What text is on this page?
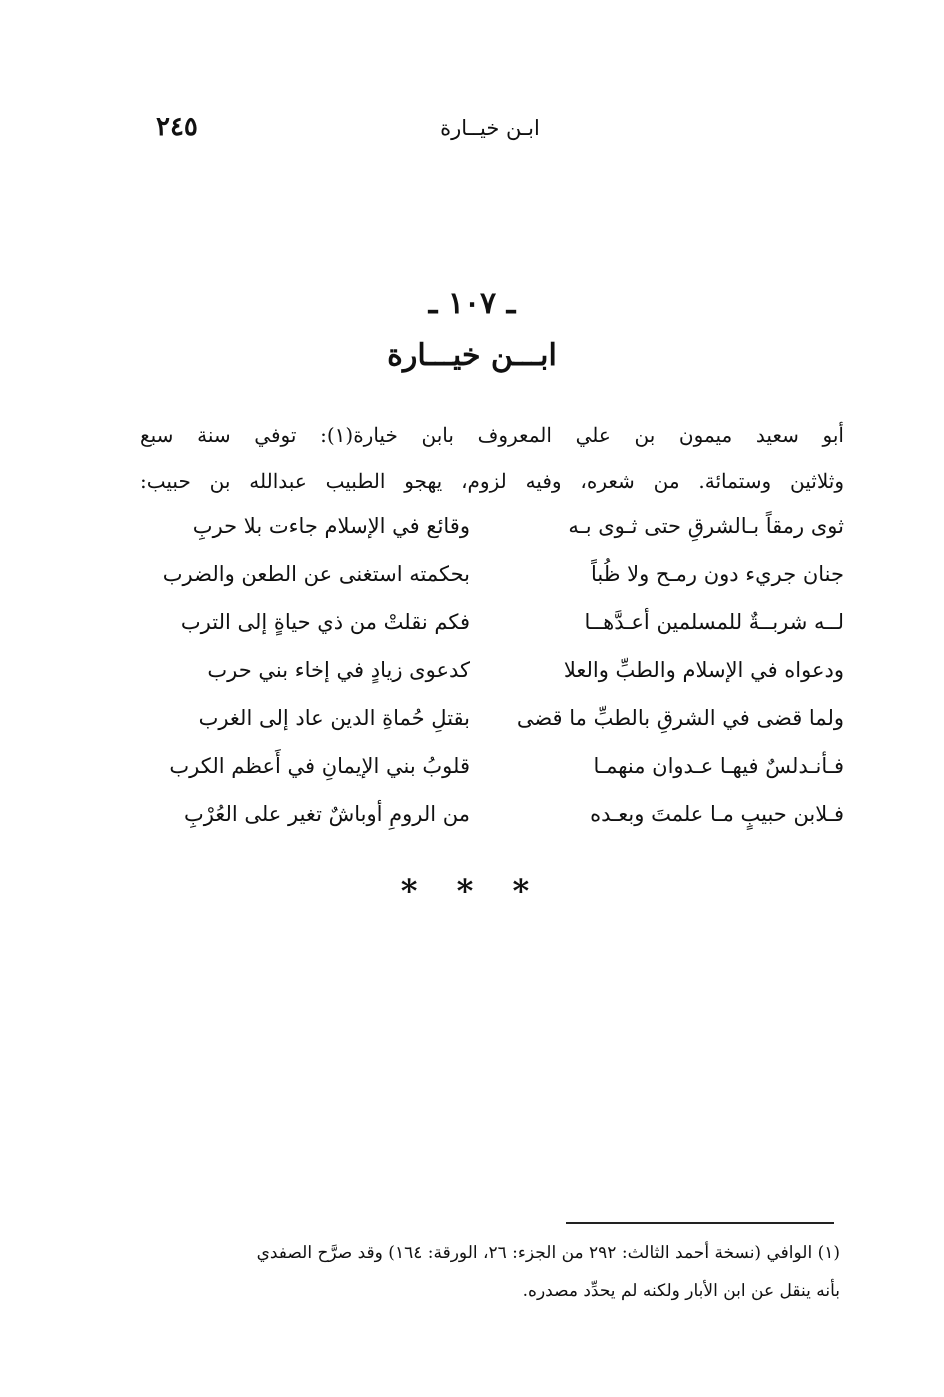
٢٤٥	ابـن خيــارة
ـ ١٠٧ ـ
ابـــن خيـــارة

أبو سعيد ميمون بن علي المعروف بابن خيارة(١): توفي سنة سبع

وثلاثين وستمائة. من شعره، وفيه لزوم، يهجو الطبيب عبدالله بن حبيب:

ثوى رمقاً بـالشرقِ حتى ثـوى بـه
وقائع في الإسلام جاءت بلا حربِ
جنان جريء دون رمـح ولا ظُباً
بحكمته استغنى عن الطعن والضرب
لــه شربــةٌ للمسلمين أعـدَّهــا
فكم نقلتْ من ذي حياةٍ إلى الترب
ودعواه في الإسلام والطبِّ والعلا
كدعوى زيادٍ في إخاء بني حرب
ولما قضى في الشرقِ بالطبِّ ما قضى
بقتلِ حُماةِ الدين عاد إلى الغرب
فـأنـدلسٌ فيهـا عـدوان منهمـا
قلوبُ بني الإيمانِ في أَعظم الكرب
فـلابن حبيبٍ مـا علمتَ وبعـده
من الرومِ أوباشٌ تغير على العُرْبِ
* * *

(١) الوافي (نسخة أحمد الثالث: ٢٩٢ من الجزء: ٢٦، الورقة: ١٦٤) وقد صرَّح الصفدي

بأنه ينقل عن ابن الأبار ولكنه لم يحدِّد مصدره.
